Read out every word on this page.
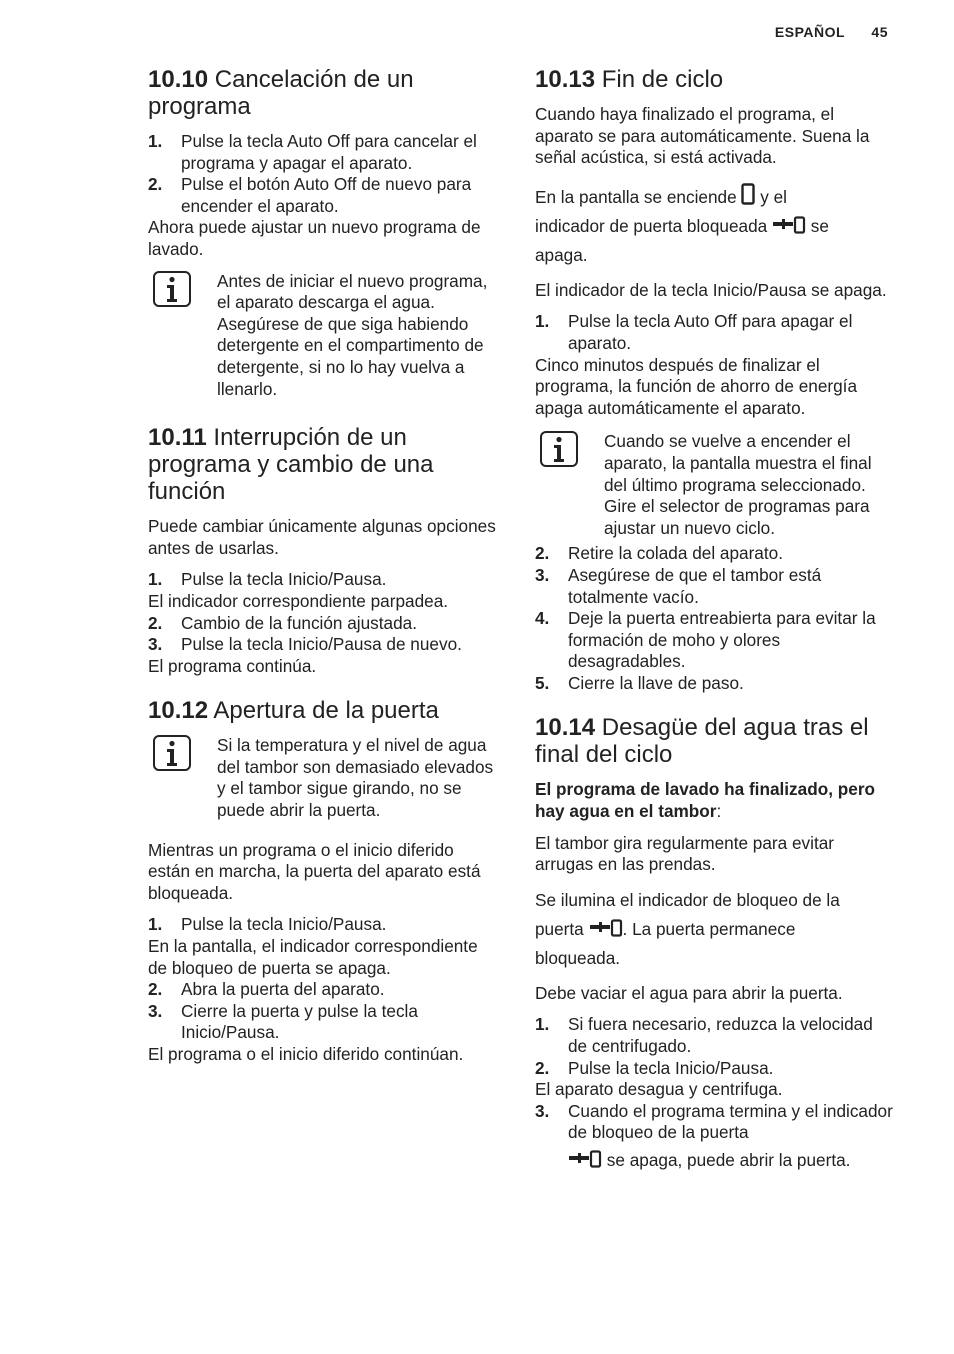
ESPAÑOL 45
10.10 Cancelación de un programa
1. Pulse la tecla Auto Off para cancelar el programa y apagar el aparato.
2. Pulse el botón Auto Off de nuevo para encender el aparato.

Ahora puede ajustar un nuevo programa de lavado.

Antes de iniciar el nuevo programa, el aparato descarga el agua. Asegúrese de que siga habiendo detergente en el compartimento de detergente, si no lo hay vuelva a llenarlo.
10.11 Interrupción de un programa y cambio de una función

Puede cambiar únicamente algunas opciones antes de usarlas.

1. Pulse la tecla Inicio/Pausa.
El indicador correspondiente parpadea.
2. Cambio de la función ajustada.
3. Pulse la tecla Inicio/Pausa de nuevo.
El programa continúa.
10.12 Apertura de la puerta
Si la temperatura y el nivel de agua del tambor son demasiado elevados y el tambor sigue girando, no se puede abrir la puerta.

Mientras un programa o el inicio diferido están en marcha, la puerta del aparato está bloqueada.

1. Pulse la tecla Inicio/Pausa.
En la pantalla, el indicador correspondiente de bloqueo de puerta se apaga.
2. Abra la puerta del aparato.
3. Cierre la puerta y pulse la tecla Inicio/Pausa.
El programa o el inicio diferido continúan.
10.13 Fin de ciclo

Cuando haya finalizado el programa, el aparato se para automáticamente. Suena la señal acústica, si está activada.

En la pantalla se enciende y el
indicador de puerta bloqueada	se
apaga.

El indicador de la tecla Inicio/Pausa se apaga.

1. Pulse la tecla Auto Off para apagar el aparato.
Cinco minutos después de finalizar el programa, la función de ahorro de energía apaga automáticamente el aparato.
Cuando se vuelve a encender el aparato, la pantalla muestra el final del último programa seleccionado. Gire el selector de programas para ajustar un nuevo ciclo.
2. Retire la colada del aparato.
3. Asegúrese de que el tambor está totalmente vacío.
4. Deje la puerta entreabierta para evitar la formación de moho y olores desagradables.
5. Cierre la llave de paso.
10.14 Desagüe del agua tras el final del ciclo

El programa de lavado ha finalizado, pero hay agua en el tambor:

El tambor gira regularmente para evitar arrugas en las prendas.

Se ilumina el indicador de bloqueo de la
puerta . La puerta permanece
bloqueada.

Debe vaciar el agua para abrir la puerta.

1. Si fuera necesario, reduzca la velocidad de centrifugado.
2. Pulse la tecla Inicio/Pausa.
El aparato desagua y centrifuga.
3. Cuando el programa termina y el indicador de bloqueo de la puerta
se apaga, puede abrir la puerta.
